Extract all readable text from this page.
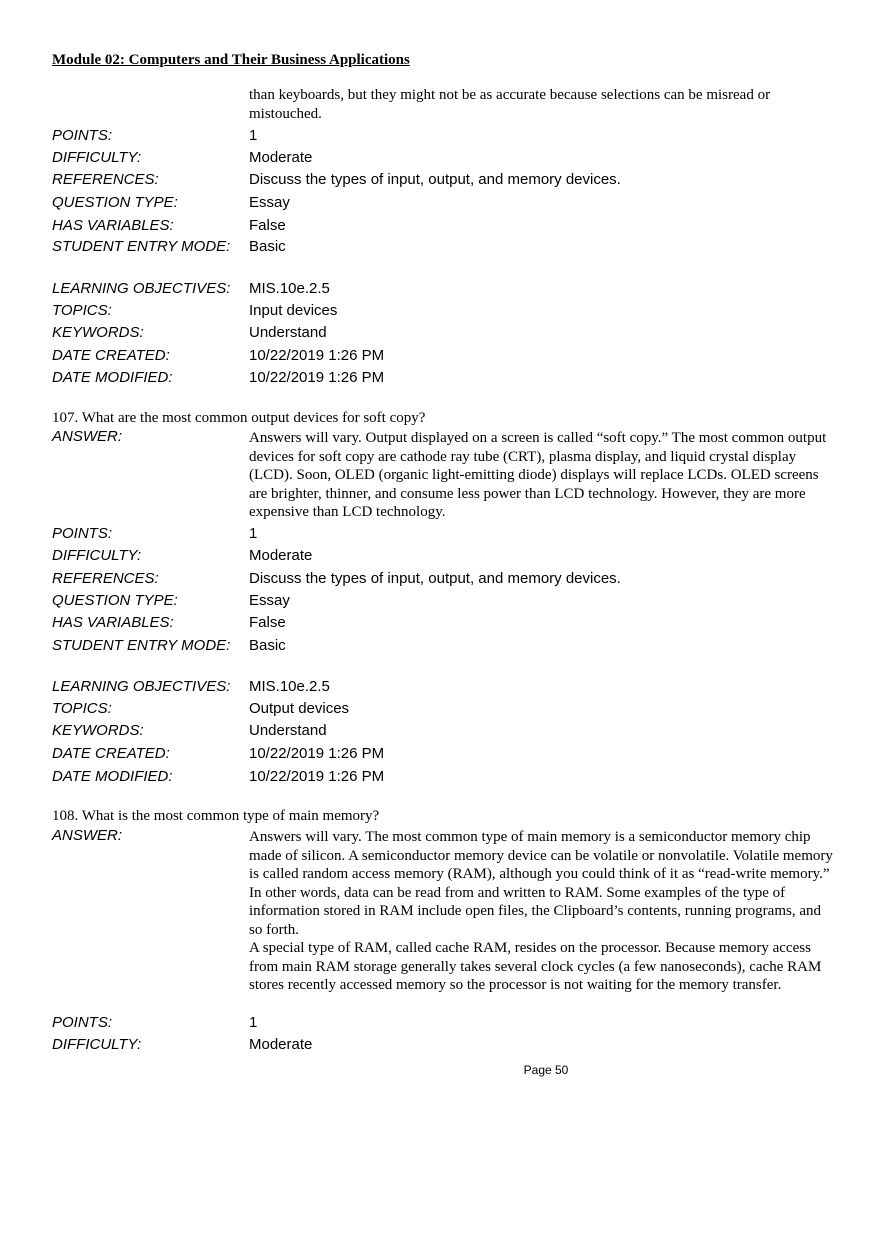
Module 02: Computers and Their Business Applications
than keyboards, but they might not be as accurate because selections can be misread or mistouched.
POINTS:	1
DIFFICULTY:	Moderate
REFERENCES:	Discuss the types of input, output, and memory devices.
QUESTION TYPE:	Essay
HAS VARIABLES:	False
STUDENT ENTRY MODE: Basic
LEARNING OBJECTIVES: MIS.10e.2.5
TOPICS:	Input devices
KEYWORDS:	Understand
DATE CREATED:	10/22/2019 1:26 PM
DATE MODIFIED:	10/22/2019 1:26 PM
107. What are the most common output devices for soft copy?
ANSWER:	Answers will vary. Output displayed on a screen is called “soft copy.” The most common output devices for soft copy are cathode ray tube (CRT), plasma display, and liquid crystal display (LCD). Soon, OLED (organic light-emitting diode) displays will replace LCDs. OLED screens are brighter, thinner, and consume less power than LCD technology. However, they are more expensive than LCD technology.
POINTS:	1
DIFFICULTY:	Moderate
REFERENCES:	Discuss the types of input, output, and memory devices.
QUESTION TYPE:	Essay
HAS VARIABLES:	False
STUDENT ENTRY MODE: Basic
LEARNING OBJECTIVES: MIS.10e.2.5
TOPICS:	Output devices
KEYWORDS:	Understand
DATE CREATED:	10/22/2019 1:26 PM
DATE MODIFIED:	10/22/2019 1:26 PM
108. What is the most common type of main memory?
ANSWER:	Answers will vary. The most common type of main memory is a semiconductor memory chip made of silicon. A semiconductor memory device can be volatile or nonvolatile. Volatile memory is called random access memory (RAM), although you could think of it as “read-write memory.” In other words, data can be read from and written to RAM. Some examples of the type of information stored in RAM include open files, the Clipboard’s contents, running programs, and so forth.

A special type of RAM, called cache RAM, resides on the processor. Because memory access from main RAM storage generally takes several clock cycles (a few nanoseconds), cache RAM stores recently accessed memory so the processor is not waiting for the memory transfer.

POINTS:	1
DIFFICULTY:	Moderate
Page 50
